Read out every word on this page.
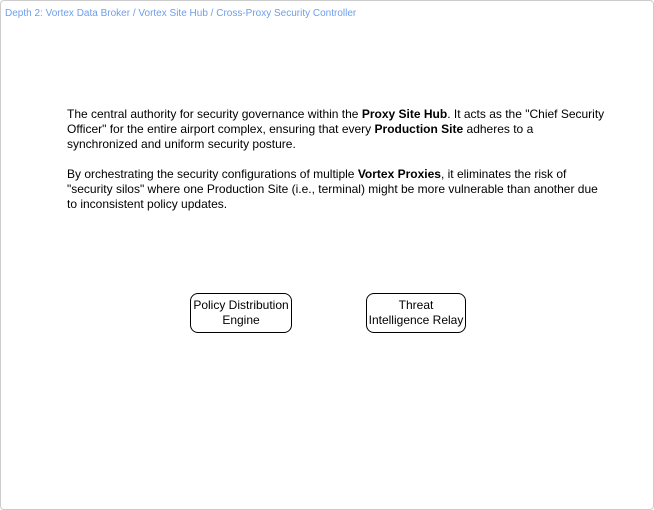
Depth 2: Vortex Data Broker / Vortex Site Hub / Cross-Proxy Security Controller

The central authority for security governance within the Proxy Site Hub. It acts as the "Chief Security Officer" for the entire airport complex, ensuring that every Production Site adheres to a synchronized and uniform security posture.

By orchestrating the security configurations of multiple Vortex Proxies, it eliminates the risk of "security silos" where one Production Site (i.e., terminal) might be more vulnerable than another due to inconsistent policy updates.

Policy Distribution Engine
Threat Intelligence Relay
